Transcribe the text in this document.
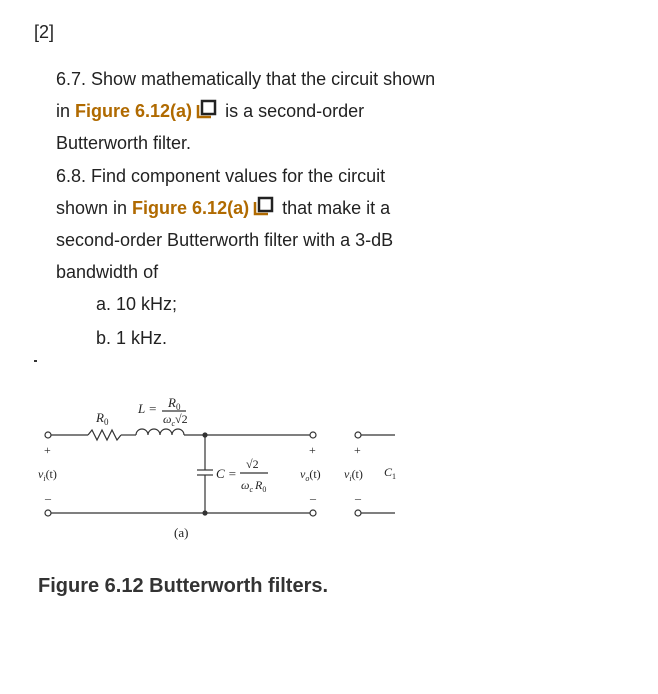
[2]
6.7. Show mathematically that the circuit shown
in Figure 6.12(a) is a second-order
Butterworth filter.
6.8. Find component values for the circuit
shown in Figure 6.12(a) that make it a
second-order Butterworth filter with a 3-dB
bandwidth of
a. 10 kHz;
b. 1 kHz.
$R_0$
$L = R_0$
$\omega_c√2$
C =
√2
$\omega_c$ $R_0$
+
$v_i(t)$
–
+
$v_o(t)$
–
+
$v_i(t)$ $C_1$
–
(a)
Figure 6.12 Butterworth filters.
